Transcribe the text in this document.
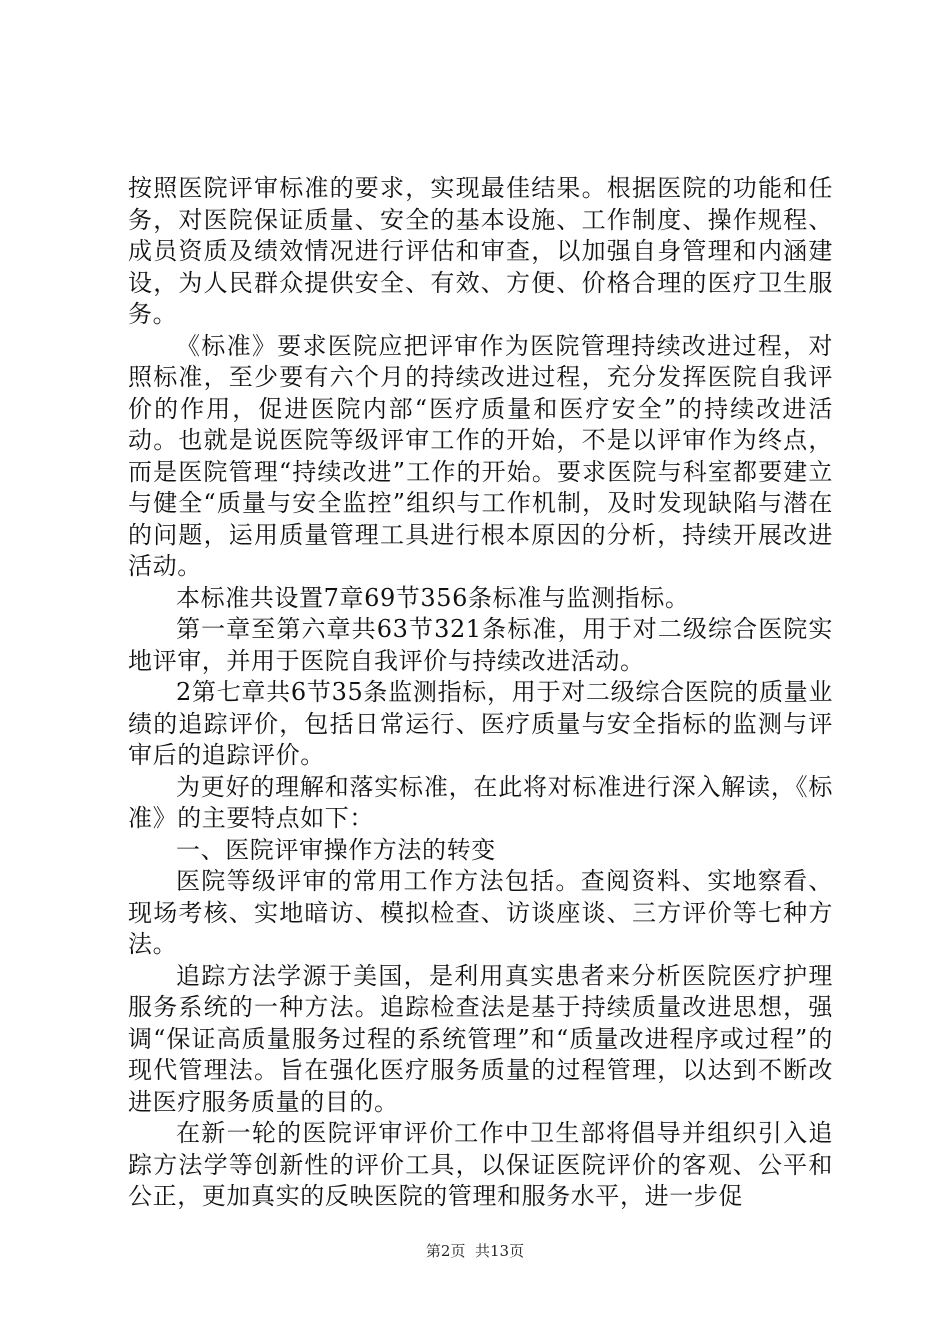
按照医院评审标准的要求，实现最佳结果。根据医院的功能和任务，对医院保证质量、安全的基本设施、工作制度、操作规程、成员资质及绩效情况进行评估和审查，以加强自身管理和内涵建设，为人民群众提供安全、有效、方便、价格合理的医疗卫生服务。

《标准》要求医院应把评审作为医院管理持续改进过程，对照标准，至少要有六个月的持续改进过程，充分发挥医院自我评价的作用，促进医院内部“医疗质量和医疗安全”的持续改进活动。也就是说医院等级评审工作的开始，不是以评审作为终点，而是医院管理“持续改进”工作的开始。要求医院与科室都要建立与健全“质量与安全监控”组织与工作机制，及时发现缺陷与潜在的问题，运用质量管理工具进行根本原因的分析，持续开展改进活动。

本标准共设置7章69节356条标准与监测指标。

第一章至第六章共63节321条标准，用于对二级综合医院实地评审，并用于医院自我评价与持续改进活动。

2第七章共6节35条监测指标，用于对二级综合医院的质量业绩的追踪评价，包括日常运行、医疗质量与安全指标的监测与评审后的追踪评价。

为更好的理解和落实标准，在此将对标准进行深入解读，《标准》的主要特点如下：

一、医院评审操作方法的转变

医院等级评审的常用工作方法包括。查阅资料、实地察看、现场考核、实地暗访、模拟检查、访谈座谈、三方评价等七种方法。

追踪方法学源于美国，是利用真实患者来分析医院医疗护理服务系统的一种方法。追踪检查法是基于持续质量改进思想，强调“保证高质量服务过程的系统管理”和“质量改进程序或过程”的现代管理法。旨在强化医疗服务质量的过程管理，以达到不断改进医疗服务质量的目的。

在新一轮的医院评审评价工作中卫生部将倡导并组织引入追踪方法学等创新性的评价工具，以保证医院评价的客观、公平和公正，更加真实的反映医院的管理和服务水平，进一步促

第2页 共13页
